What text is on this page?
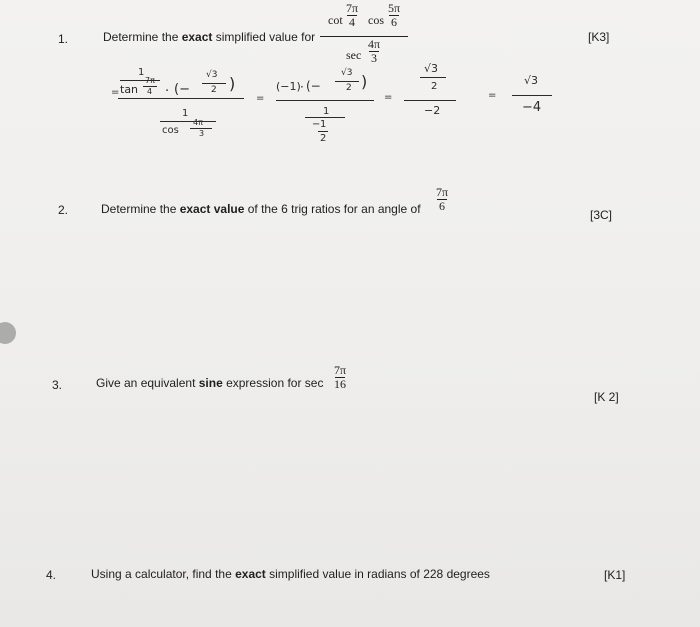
1.	Determine the exact simplified value for
cot
7π
4 cos
5π
6
sec
4π
3
[K3]
=
1
tan
7π
4 · (−
√3
2 )
1
cos
4π
3
=
(−1) · (−
√3
2 )
1
− 1
2
=
√3
2
−2
=
√3
−4
2.	Determine the exact value of the 6 trig ratios for an angle of
7π
6
[3C]
3.	Give an equivalent sine expression for sec
7π
16
[K 2]
4.	Using a calculator, find the exact simplified value in radians of 228 degrees	[K1]
